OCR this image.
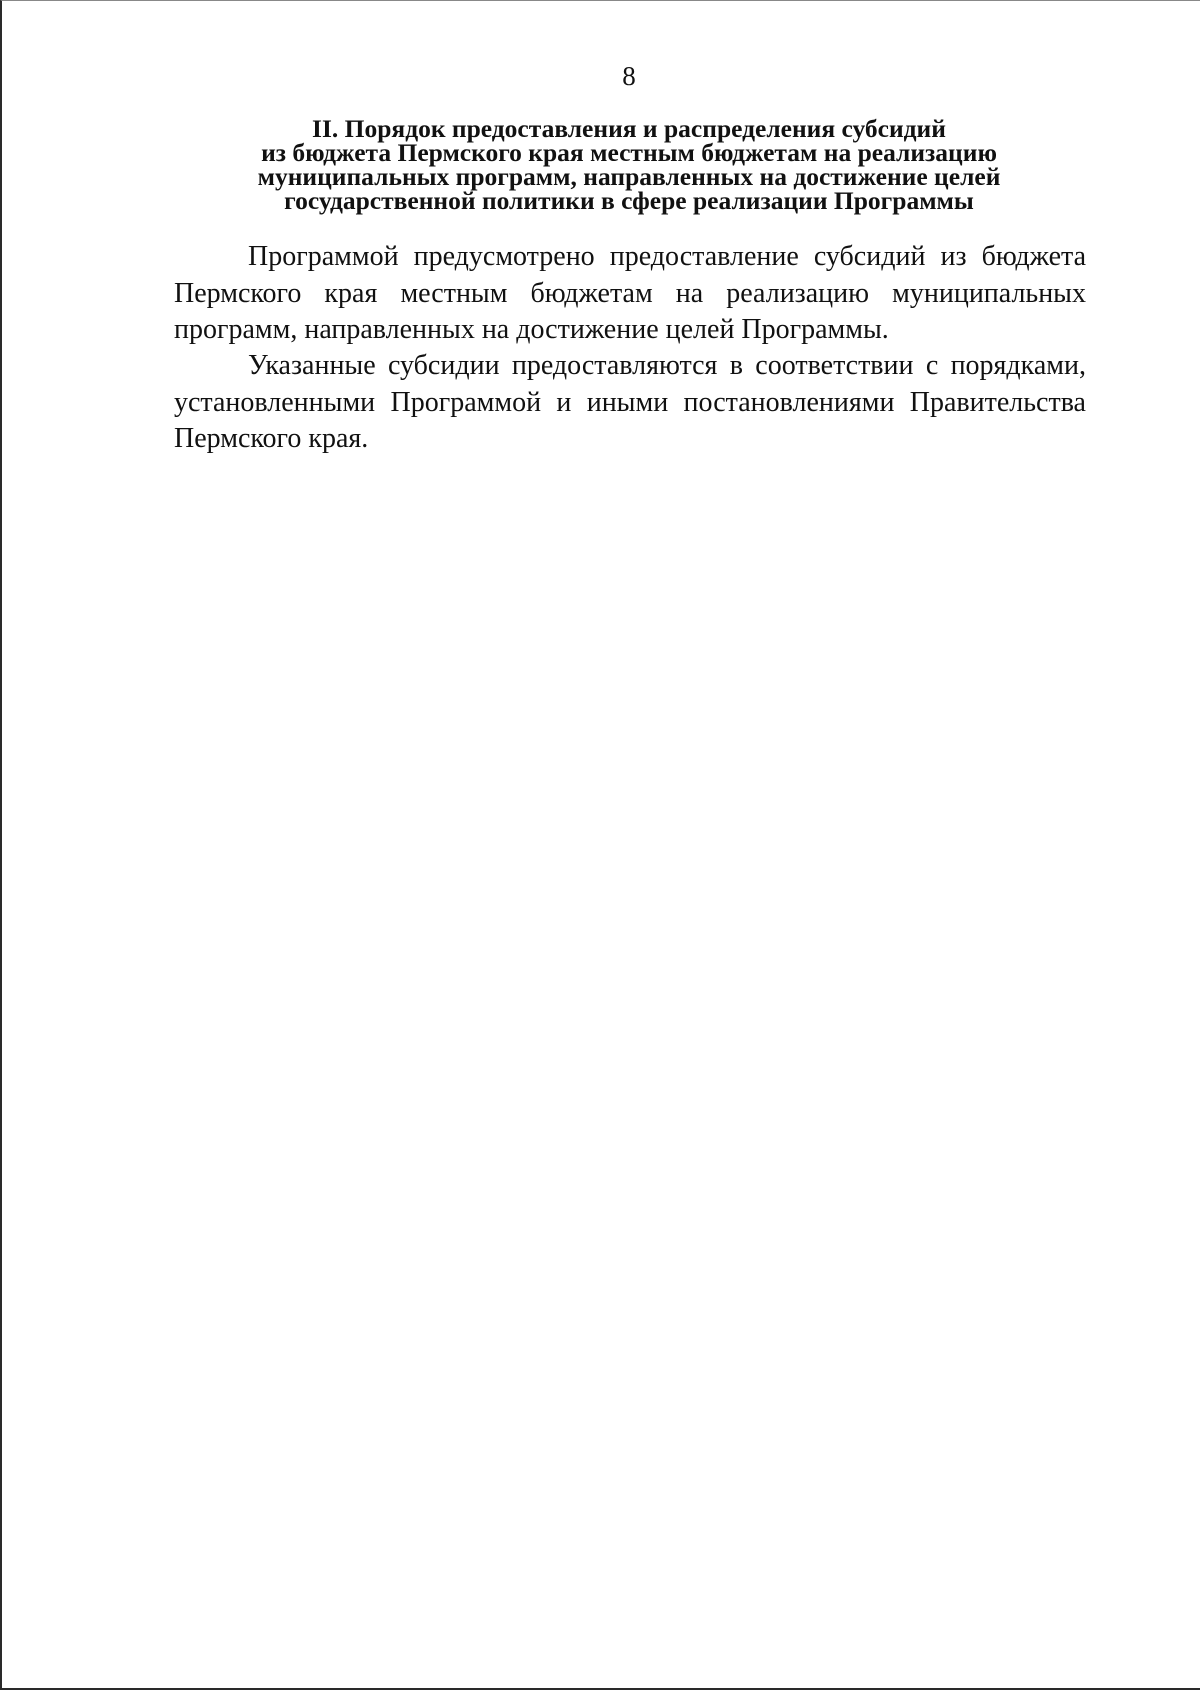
8
II. Порядок предоставления и распределения субсидий
из бюджета Пермского края местным бюджетам на реализацию
муниципальных программ, направленных на достижение целей
государственной политики в сфере реализации Программы

Программой предусмотрено предоставление субсидий из бюджета
Пермского края местным бюджетам на реализацию муниципальных
программ, направленных на достижение целей Программы.

Указанные субсидии предоставляются в соответствии с порядками,
установленными Программой и иными постановлениями Правительства
Пермского края.
